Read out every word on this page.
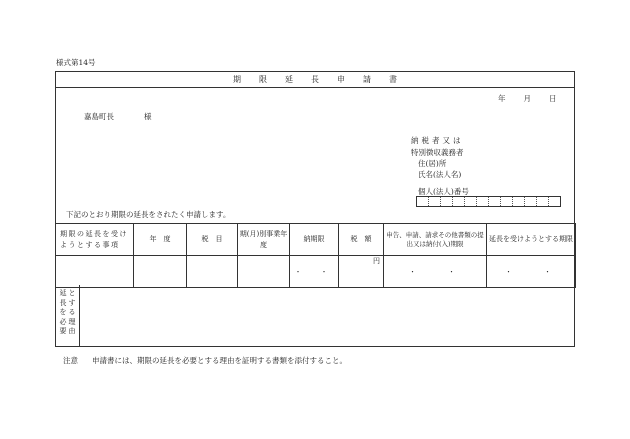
様式第14号
期 限 延 長 申 請 書
年 月 日
嘉島町長	様
納税者又は
特別徴収義務者
住(居)所
氏名(法人名)
個人(法人)番号
下記のとおり期限の延長をされたく申請します。
期限の延長を受けようとする事項	年　度	税　目	期(月)別事業年度	納期限	税　額	申告、申請、請求その他書類の提出又は納付(入)期限	延長を受けようとする期限

				・　・	円	・　　・	・　　・
延
長
を
必
要
と
す
る
理
由
注意 申請書には、期限の延長を必要とする理由を証明する書類を添付すること。
